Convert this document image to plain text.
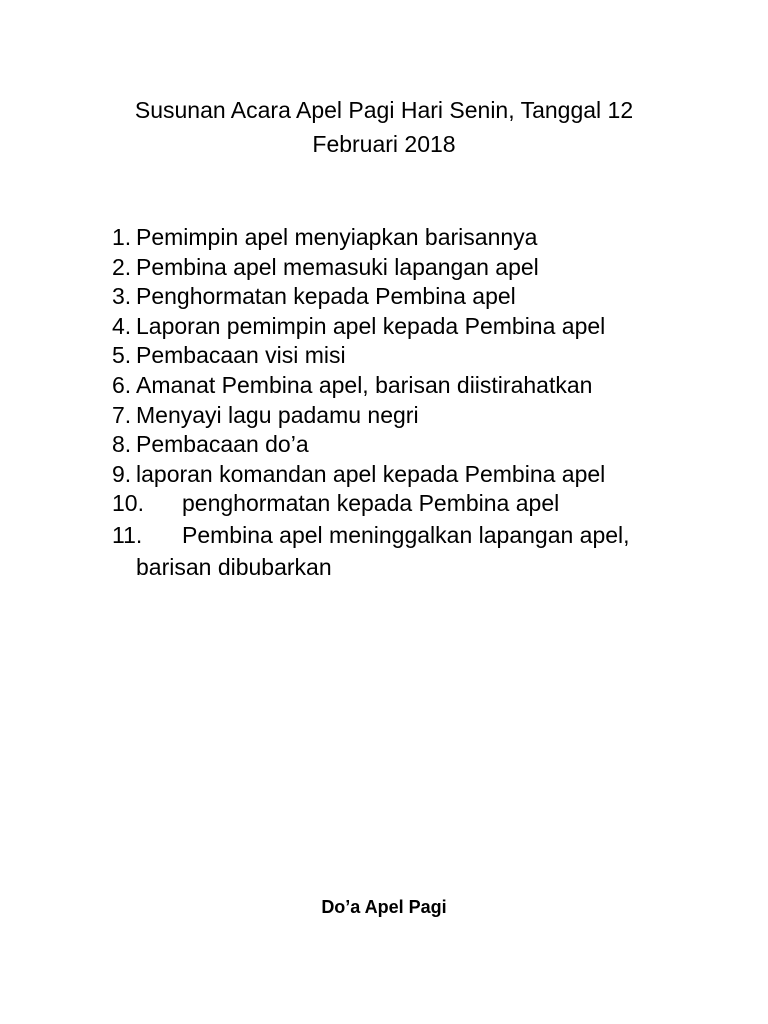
Susunan Acara Apel Pagi Hari Senin, Tanggal 12
Februari 2018
1. Pemimpin apel menyiapkan barisannya
2. Pembina apel memasuki lapangan apel
3. Penghormatan kepada Pembina apel
4. Laporan pemimpin apel kepada Pembina apel
5. Pembacaan visi misi
6. Amanat Pembina apel, barisan diistirahatkan
7. Menyayi lagu padamu negri
8. Pembacaan do’a
9. laporan komandan apel kepada Pembina apel
10.	penghormatan kepada Pembina apel
11. Pembina apel meninggalkan lapangan apel,
barisan dibubarkan
Do’a Apel Pagi
